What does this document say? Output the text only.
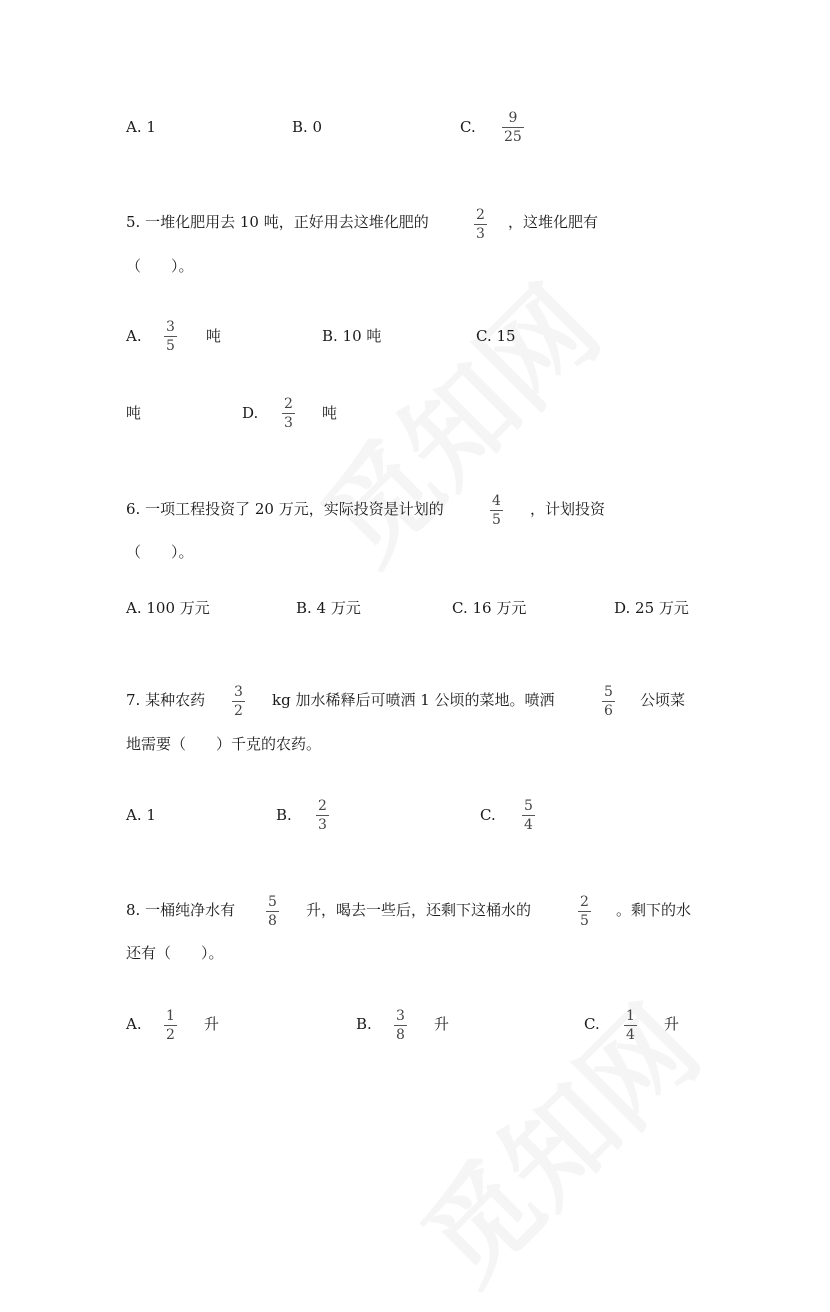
A. 1	B. 0	C. 9
25
5. 一堆化肥用去 10 吨，正好用去这堆化肥的	2
3
，这堆化肥有
（　　）。
A. 3
5
吨	B. 10 吨	C. 15
吨	D. 2
3
吨
6. 一项工程投资了 20 万元，实际投资是计划的	4
5
，计划投资
（　　）。
A. 100 万元	B. 4 万元	C. 16 万元	D. 25 万元
7. 某种农药 3
2
kg 加水稀释后可喷洒 1 公顷的菜地。喷洒	5
6
公顷菜
地需要（　　）千克的农药。
A. 1	B. 2
3
C. 5
4
8. 一桶纯净水有 5
8
升，喝去一些后，还剩下这桶水的	2
5
。剩下的水
还有（　　）。
A. 1
2
升	B. 3
8
升	C. 1
4
升
